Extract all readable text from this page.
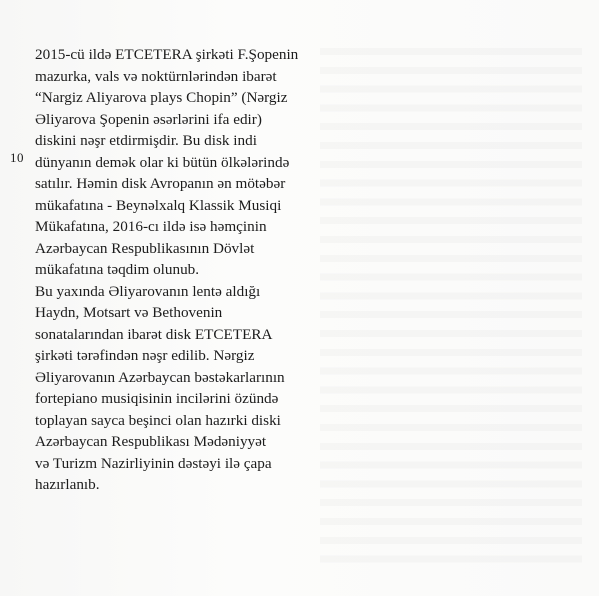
10
2015-cü ildə ETCETERA şirkəti F.Şopenin
mazurka, vals və noktürnlərindən ibarət
“Nargiz Aliyarova plays Chopin” (Nərgiz
Əliyarova Şopenin əsərlərini ifa edir)
diskini nəşr etdirmişdir. Bu disk indi
dünyanın demək olar ki bütün ölkələrində
satılır. Həmin disk Avropanın ən mötəbər
mükafatına - Beynəlxalq Klassik Musiqi
Mükafatına, 2016-cı ildə isə həmçinin
Azərbaycan Respublikasının Dövlət
mükafatına təqdim olunub.
Bu yaxında Əliyarovanın lentə aldığı
Haydn, Motsart və Bethovenin
sonatalarından ibarət disk ETCETERA
şirkəti tərəfindən nəşr edilib. Nərgiz
Əliyarovanın Azərbaycan bəstəkarlarının
fortepiano musiqisinin incilərini özündə
toplayan sayca beşinci olan hazırki diski
Azərbaycan Respublikası Mədəniyyət
və Turizm Nazirliyinin dəstəyi ilə çapa
hazırlanıb.
